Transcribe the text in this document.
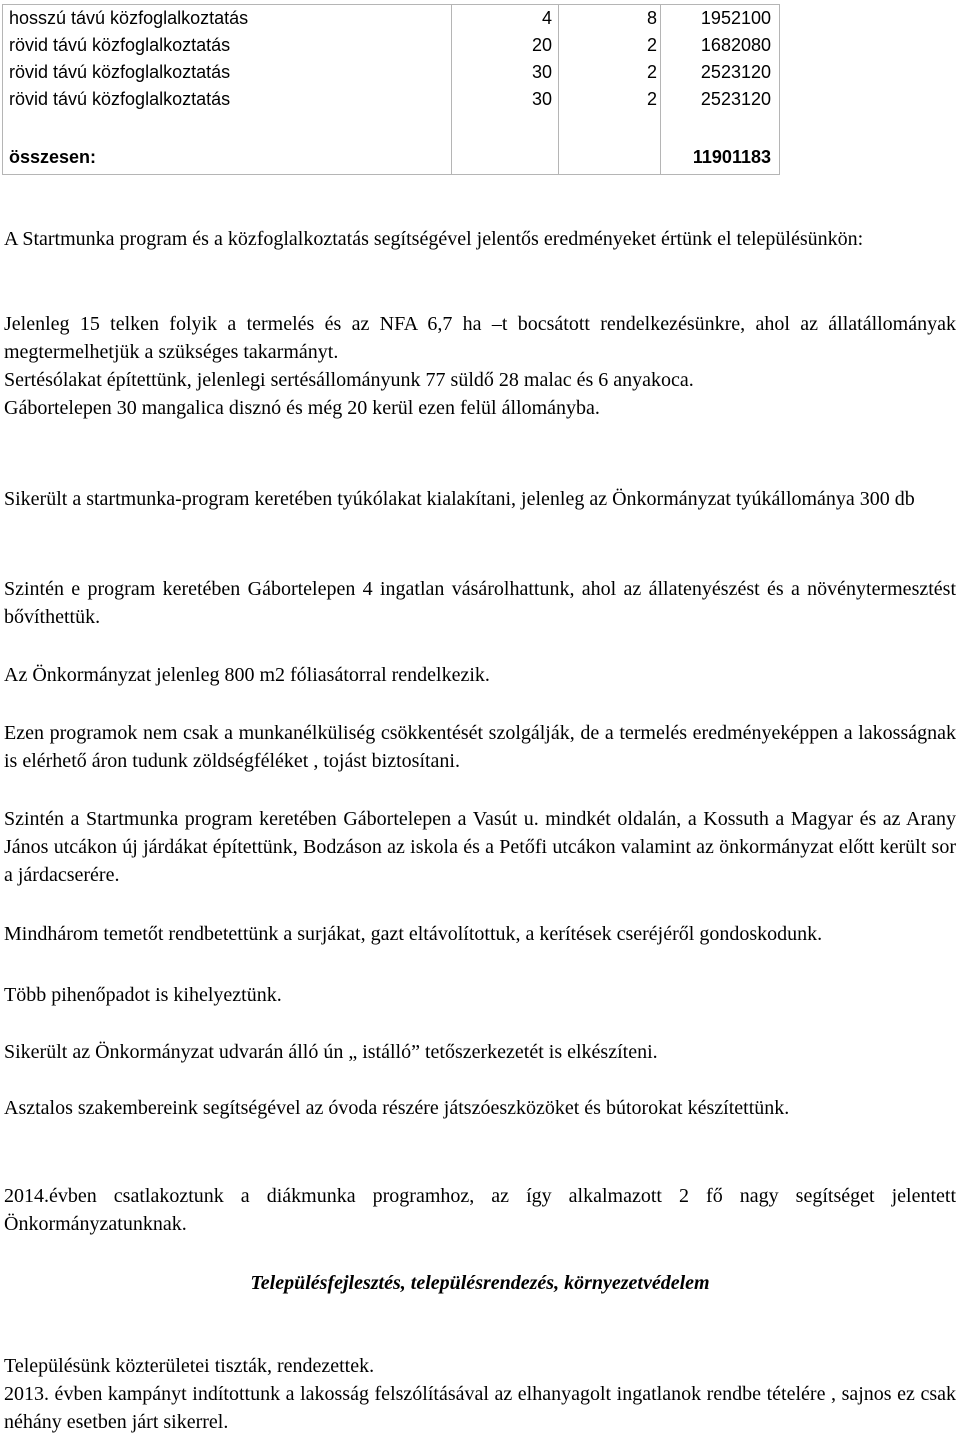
hosszú távú közfoglalkoztatás	4	8	1952100
rövid távú közfoglalkoztatás	20	2	1682080
rövid távú közfoglalkoztatás	30	2	2523120
rövid távú közfoglalkoztatás	30	2	2523120

összesen:			11901183

A Startmunka program és a közfoglalkoztatás segítségével jelentős eredményeket értünk el településünkön:

Jelenleg 15 telken folyik a termelés és az NFA 6,7 ha –t bocsátott rendelkezésünkre, ahol az állatállományak megtermelhetjük a szükséges takarmányt.

Sertésólakat építettünk, jelenlegi sertésállományunk 77 süldő 28 malac és 6 anyakoca.

Gábortelepen 30 mangalica disznó és még 20 kerül ezen felül állományba.

Sikerült a startmunka-program keretében tyúkólakat kialakítani, jelenleg az Önkormányzat tyúkállománya 300 db

Szintén e program keretében Gábortelepen 4 ingatlan vásárolhattunk, ahol az állatenyészést és a növénytermesztést bővíthettük.

Az Önkormányzat jelenleg 800 m2 fóliasátorral rendelkezik.

Ezen programok nem csak a munkanélküliség csökkentését szolgálják, de a termelés eredményeképpen a lakosságnak is elérhető áron tudunk zöldségféléket , tojást biztosítani.

Szintén a Startmunka program keretében Gábortelepen a Vasút u. mindkét oldalán, a Kossuth a Magyar és az Arany János utcákon új járdákat építettünk, Bodzáson az iskola és a Petőfi utcákon valamint az önkormányzat előtt került sor a járdacserére.

Mindhárom temetőt rendbetettünk a surjákat, gazt eltávolítottuk, a kerítések cseréjéről gondoskodunk.

Több pihenőpadot is kihelyeztünk.

Sikerült az Önkormányzat udvarán álló ún „ istálló” tetőszerkezetét is elkészíteni.

Asztalos szakembereink segítségével az óvoda részére játszóeszközöket és bútorokat készítettünk.

2014.évben csatlakoztunk a diákmunka programhoz, az így alkalmazott 2 fő nagy segítséget jelentett Önkormányzatunknak.

Településfejlesztés, településrendezés, környezetvédelem

Településünk közterületei tiszták, rendezettek.

2013. évben kampányt indítottunk a lakosság felszólításával az elhanyagolt ingatlanok rendbe tételére , sajnos ez csak néhány esetben járt sikerrel.
